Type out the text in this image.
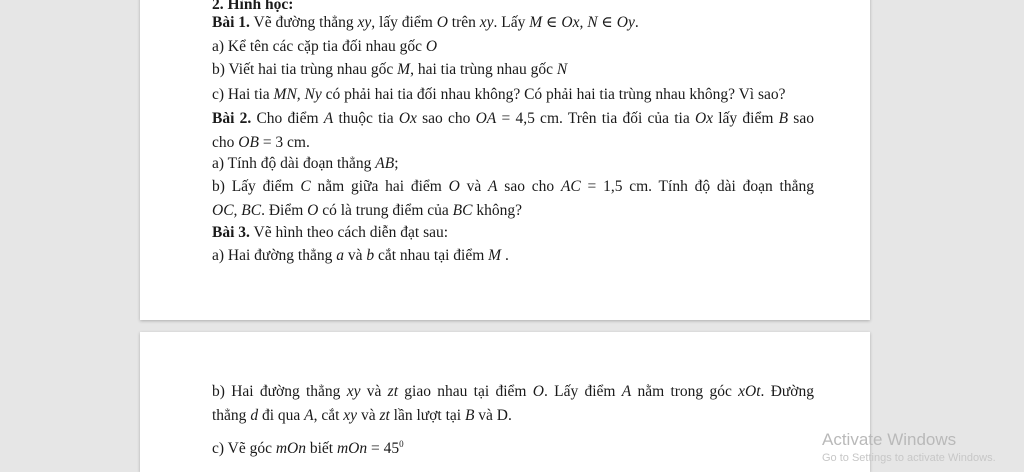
2. Hình học:
Bài 1. Vẽ đường thẳng xy, lấy điểm O trên xy. Lấy M ∈ Ox, N ∈ Oy.
a) Kể tên các cặp tia đối nhau gốc O
b) Viết hai tia trùng nhau gốc M, hai tia trùng nhau gốc N
c) Hai tia MN, Ny có phải hai tia đối nhau không? Có phải hai tia trùng nhau không? Vì sao?
Bài 2. Cho điểm A thuộc tia Ox sao cho OA = 4,5 cm. Trên tia đối của tia Ox lấy điểm B sao
cho OB = 3 cm.
a) Tính độ dài đoạn thẳng AB;
b) Lấy điểm C nằm giữa hai điểm O và A sao cho AC = 1,5 cm. Tính độ dài đoạn thẳng
OC, BC. Điểm O có là trung điểm của BC không?
Bài 3. Vẽ hình theo cách diễn đạt sau:
a) Hai đường thẳng a và b cắt nhau tại điểm M .
b) Hai đường thẳng xy và zt giao nhau tại điểm O. Lấy điểm A nằm trong góc xOt. Đường
thẳng d đi qua A, cắt xy và zt lần lượt tại B và D.
c) Vẽ góc mOn biết mOn = $45^0$	Activate Windows
Go to Settings to activate Windows.
